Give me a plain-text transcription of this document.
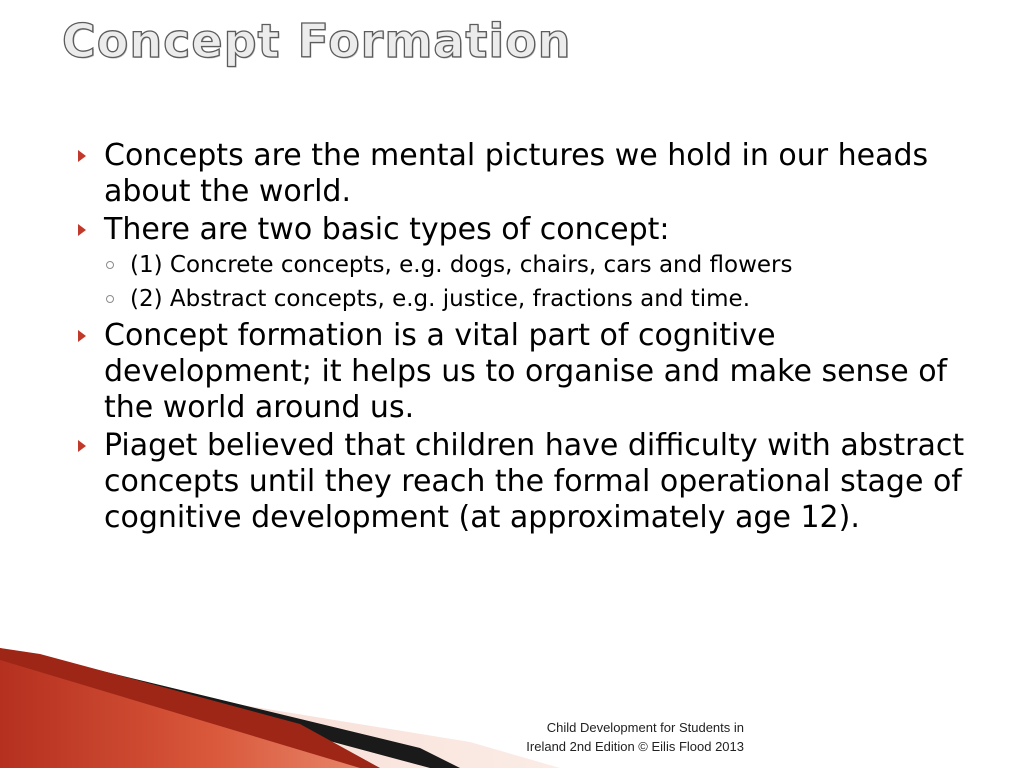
Concept Formation
Concepts are the mental pictures we hold in our heads about the world.
There are two basic types of concept:
(1) Concrete concepts, e.g. dogs, chairs, cars and flowers
(2) Abstract concepts, e.g. justice, fractions and time.
Concept formation is a vital part of cognitive development; it helps us to organise and make sense of the world around us.
Piaget believed that children have difficulty with abstract concepts until they reach the formal operational stage of cognitive development (at approximately age 12).
Child Development for Students in
Ireland 2nd Edition © Eilis Flood 2013
